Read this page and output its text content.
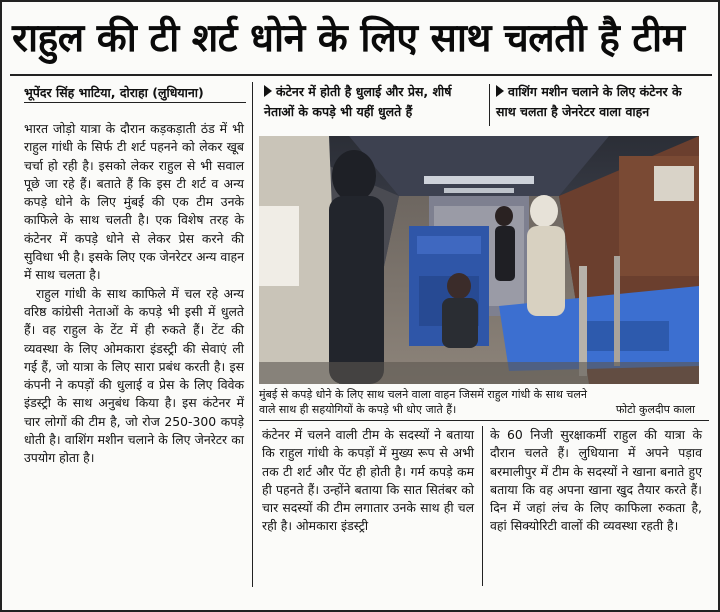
राहुल की टी शर्ट धोने के लिए साथ चलती है टीम
भूपेंदर सिंह भाटिया, दोराहा (लुधियाना)	कंटेनर में होती है धुलाई और प्रेस, शीर्ष नेताओं के कपड़े भी यहीं धुलते हैं
वाशिंग मशीन चलाने के लिए कंटेनर के साथ चलता है जेनरेटर वाला वाहन

भारत जोड़ो यात्रा के दौरान कड़कड़ाती ठंड में भी राहुल गांधी के सिर्फ टी शर्ट पहनने को लेकर खूब चर्चा हो रही है। इसको लेकर राहुल से भी सवाल पूछे जा रहे हैं। बताते हैं कि इस टी शर्ट व अन्य कपड़े धोने के लिए मुंबई की एक टीम उनके काफिले के साथ चलती है। एक विशेष तरह के कंटेनर में कपड़े धोने से लेकर प्रेस करने की सुविधा भी है। इसके लिए एक जेनरेटर अन्य वाहन में साथ चलता है।

राहुल गांधी के साथ काफिले में चल रहे अन्य वरिष्ठ कांग्रेसी नेताओं के कपड़े भी इसी में धुलते हैं। वह राहुल के टेंट में ही रुकते हैं। टेंट की व्यवस्था के लिए ओमकारा इंडस्ट्री की सेवाएं ली गई हैं, जो यात्रा के लिए सारा प्रबंध करती है। इस कंपनी ने कपड़ों की धुलाई व प्रेस के लिए विवेक इंडस्ट्री के साथ अनुबंध किया है। इस कंटेनर में चार लोगों की टीम है, जो रोज 250-300 कपड़े धोती है। वाशिंग मशीन चलाने के लिए जेनरेटर का उपयोग होता है।

मुंबई से कपड़े धोने के लिए साथ चलने वाला वाहन जिसमें राहुल गांधी के साथ चलने वाले साथ ही सहयोगियों के कपड़े भी धोए जाते हैं।	फोटो कुलदीप काला

कंटेनर में चलने वाली टीम के सदस्यों ने बताया कि राहुल गांधी के कपड़ों में मुख्य रूप से अभी तक टी शर्ट और पेंट ही होती है। गर्म कपड़े कम ही पहनते हैं। उन्होंने बताया कि सात सितंबर को चार सदस्यों की टीम लगातार उनके साथ ही चल रही है। ओमकारा इंडस्ट्री

के 60 निजी सुरक्षाकर्मी राहुल की यात्रा के दौरान चलते हैं। लुधियाना में अपने पड़ाव बरमालीपुर में टीम के सदस्यों ने खाना बनाते हुए बताया कि वह अपना खाना खुद तैयार करते हैं। दिन में जहां लंच के लिए काफिला रुकता है, वहां सिक्योरिटी वालों की व्यवस्था रहती है।
